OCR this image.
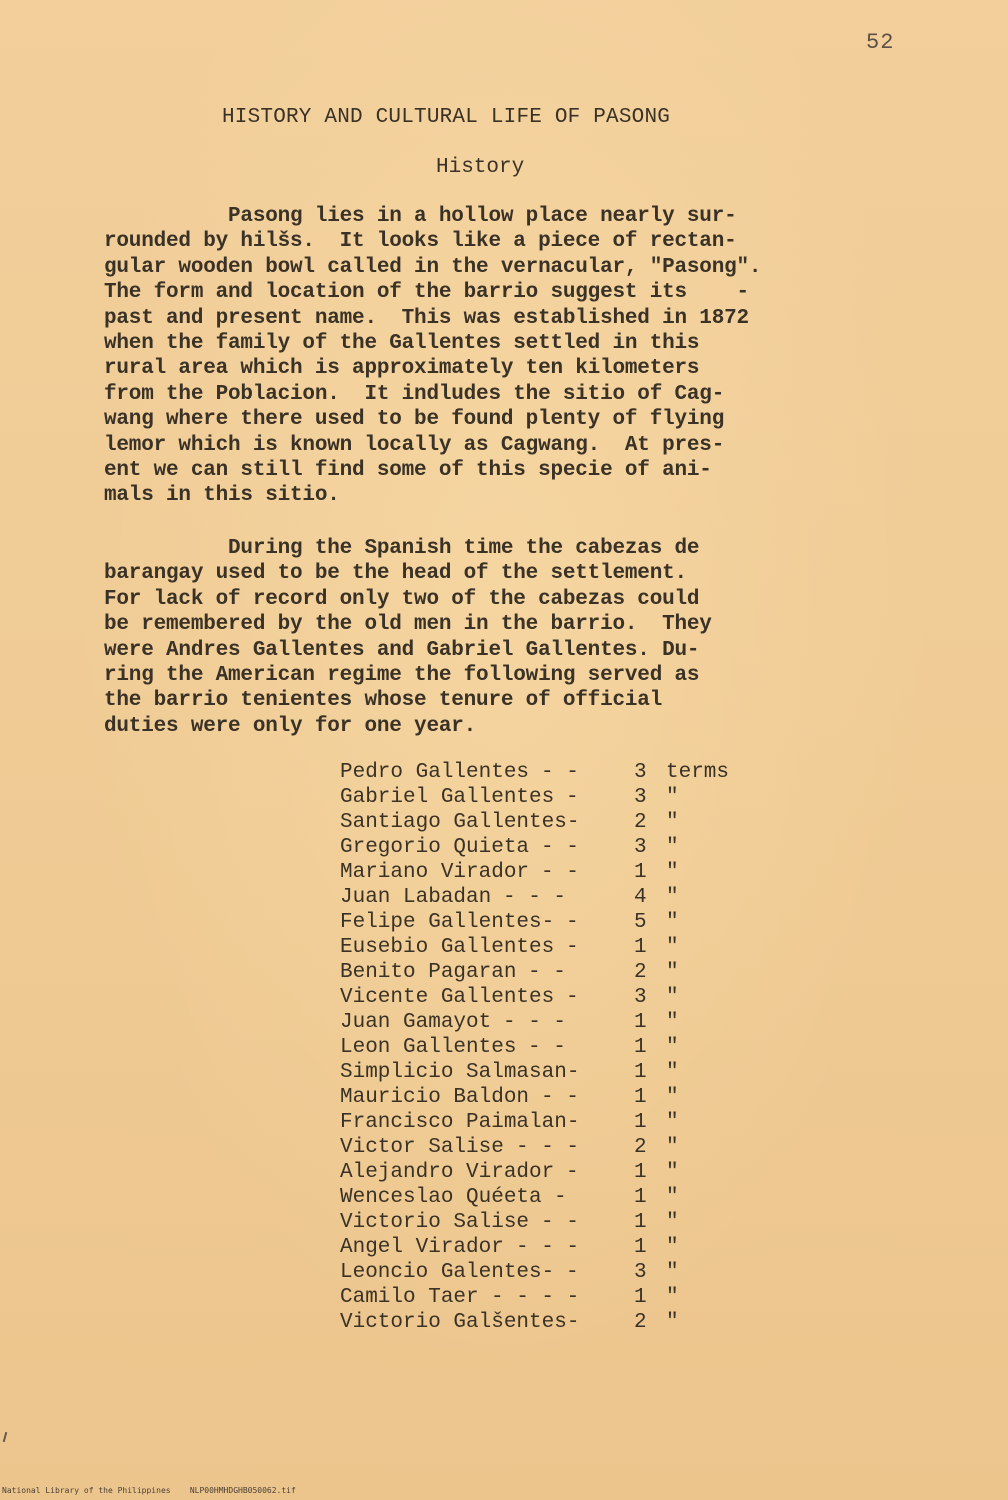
52
HISTORY AND CULTURAL LIFE OF PASONG
History

Pasong lies in a hollow place nearly sur-
rounded by hilšs.  It looks like a piece of rectan-
gular wooden bowl called in the vernacular, "Pasong".
The form and location of the barrio suggest its    -
past and present name.  This was established in 1872
when the family of the Gallentes settled in this
rural area which is approximately ten kilometers
from the Poblacion.  It indludes the sitio of Cag-
wang where there used to be found plenty of flying
lemor which is known locally as Cagwang.  At pres-
ent we can still find some of this specie of ani-
mals in this sitio.

During the Spanish time the cabezas de
barangay used to be the head of the settlement.
For lack of record only two of the cabezas could
be remembered by the old men in the barrio.  They
were Andres Gallentes and Gabriel Gallentes. Du-
ring the American regime the following served as
the barrio tenientes whose tenure of official
duties were only for one year.

Pedro Gallentes - -	3 terms
Gabriel Gallentes -	3 "
Santiago Gallentes-	2 "
Gregorio Quieta - -	3 "
Mariano Virador - -	1 "
Juan Labadan - - -	4 "
Felipe Gallentes- -	5 "
Eusebio Gallentes -	1 "
Benito Pagaran - -	2 "
Vicente Gallentes -	3 "
Juan Gamayot - - -	1 "
Leon Gallentes - -	1 "
Simplicio Salmasan-	1 "
Mauricio Baldon - -	1 "
Francisco Paimalan-	1 "
Victor Salise - - -	2 "
Alejandro Virador -	1 "
Wenceslao Quéeta -	1 "
Victorio Salise - -	1 "
Angel Virador - - -	1 "
Leoncio Galentes- -	3 "
Camilo Taer - - - -	1 "
Victorio Galšentes-	2 "
National Library of the Philippines    NLP00HMHDGHB050062.tif
